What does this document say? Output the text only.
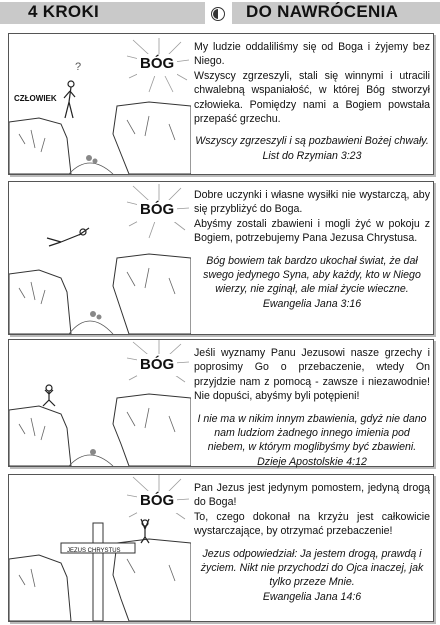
4 KROKI	DO NAWRÓCENIA
?	BÓG
CZŁOWIEK

My ludzie oddaliliśmy się od Boga i żyjemy bez Niego.

Wszyscy zgrzeszyli, stali się winnymi i utracili chwalebną wspaniałość, w której Bóg stworzył człowieka. Pomiędzy nami a Bogiem powstała przepaść grzechu.

Wszyscy zgrzeszyli i są pozbawieni Bożej chwały.

List do Rzymian 3:23

BÓG

Dobre uczynki i własne wysiłki nie wystarczą, aby się przybliżyć do Boga.

Abyśmy zostali zbawieni i mogli żyć w pokoju z Bogiem, potrzebujemy Pana Jezusa Chrystusa.

Bóg bowiem tak bardzo ukochał świat, że dał swego jedynego Syna, aby każdy, kto w Niego wierzy, nie zginął, ale miał życie wieczne.

Ewangelia Jana 3:16

BÓG

Jeśli wyznamy Panu Jezusowi nasze grzechy i poprosimy Go o przebaczenie, wtedy On przyjdzie nam z pomocą - zawsze i niezawodnie! Nie dopuści, abyśmy byli potępieni!

I nie ma w nikim innym zbawienia, gdyż nie dano nam ludziom żadnego innego imienia pod niebem, w którym moglibyśmy być zbawieni.

Dzieje Apostolskie 4:12

BÓG
JEZUS CHRYSTUS

Pan Jezus jest jedynym pomostem, jedyną drogą do Boga!

To, czego dokonał na krzyżu jest całkowicie wystarczające, by otrzymać przebaczenie!

Jezus odpowiedział: Ja jestem drogą, prawdą i życiem. Nikt nie przychodzi do Ojca inaczej, jak tylko przeze Mnie.

Ewangelia Jana 14:6
